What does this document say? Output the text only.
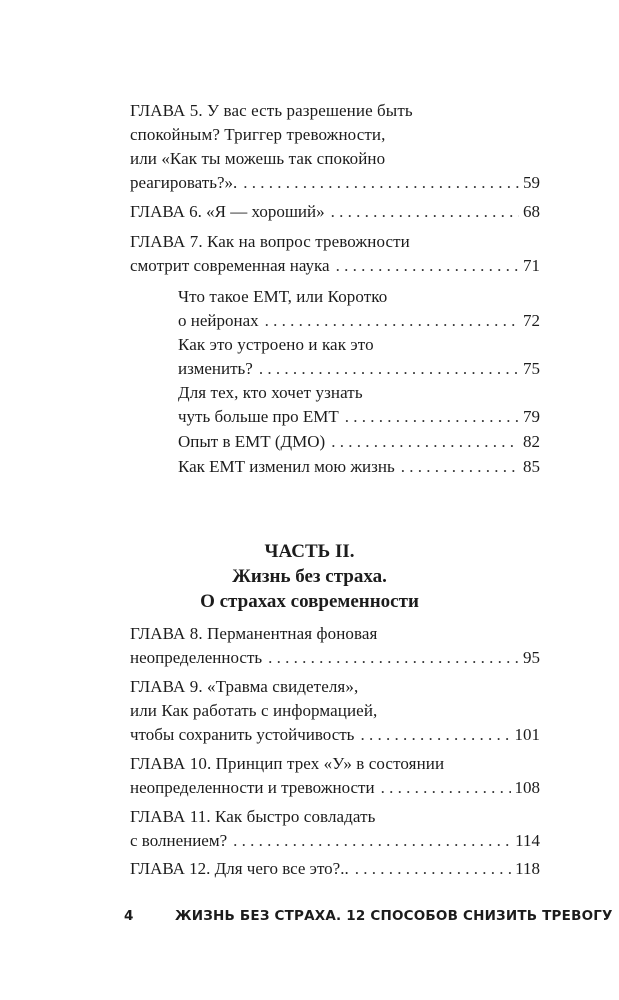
ГЛАВА 5. У вас есть разрешение быть
спокойным? Триггер тревожности,
или «Как ты можешь так спокойно
реагировать?». . . .	59
ГЛАВА 6. «Я — хороший» . . .	68
ГЛАВА 7. Как на вопрос тревожности
смотрит современная наука . . .	71
Что такое ЕМТ, или Коротко
о нейронах . . .	72
Как это устроено и как это
изменить? . . .	75
Для тех, кто хочет узнать
чуть больше про ЕМТ . . .	79
Опыт в ЕМТ (ДМО) . . .	82
Как ЕМТ изменил мою жизнь . . .	85
ЧАСТЬ II.
Жизнь без страха.
О страхах современности
ГЛАВА 8. Перманентная фоновая
неопределенность . . .	95
ГЛАВА 9. «Травма свидетеля»,
или Как работать с информацией,
чтобы сохранить устойчивость . . .	101
ГЛАВА 10. Принцип трех «У» в состоянии
неопределенности и тревожности . . .	108
ГЛАВА 11. Как быстро совладать
с волнением? . . .	114
ГЛАВА 12. Для чего все это?.. . . .	118
4	ЖИЗНЬ БЕЗ СТРАХА. 12 СПОСОБОВ СНИЗИТЬ ТРЕВОГУ
